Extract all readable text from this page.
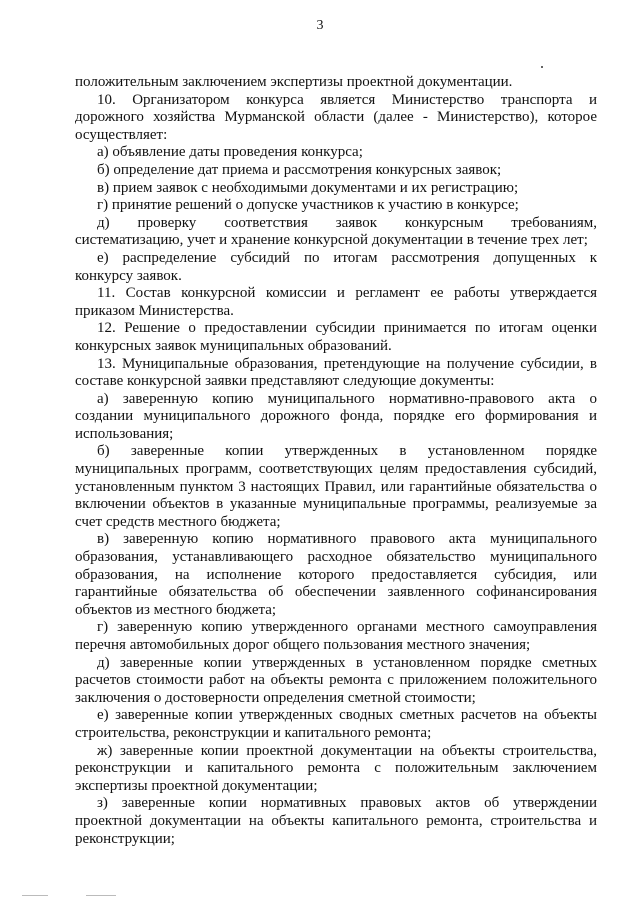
3
положительным заключением экспертизы проектной документации.
10. Организатором конкурса является Министерство транспорта и
дорожного хозяйства Мурманской области (далее - Министерство), которое
осуществляет:
а) объявление даты проведения конкурса;
б) определение дат приема и рассмотрения конкурсных заявок;
в) прием заявок с необходимыми документами и их регистрацию;
г) принятие решений о допуске участников к участию в конкурсе;
д) проверку соответствия заявок конкурсным требованиям,
систематизацию, учет и хранение конкурсной документации в течение трех лет;
е) распределение субсидий по итогам рассмотрения допущенных к
конкурсу заявок.
11. Состав конкурсной комиссии и регламент ее работы утверждается
приказом Министерства.
12. Решение о предоставлении субсидии принимается по итогам оценки
конкурсных заявок муниципальных образований.
13. Муниципальные образования, претендующие на получение субсидии, в
составе конкурсной заявки представляют следующие документы:
а) заверенную копию муниципального нормативно-правового акта о
создании муниципального дорожного фонда, порядке его формирования и
использования;
б) заверенные копии утвержденных в установленном порядке
муниципальных программ, соответствующих целям предоставления субсидий,
установленным пунктом 3 настоящих Правил, или гарантийные обязательства о
включении объектов в указанные муниципальные программы, реализуемые за
счет средств местного бюджета;
в) заверенную копию нормативного правового акта муниципального
образования, устанавливающего расходное обязательство муниципального
образования, на исполнение которого предоставляется субсидия, или
гарантийные обязательства об обеспечении заявленного софинансирования
объектов из местного бюджета;
г) заверенную копию утвержденного органами местного самоуправления
перечня автомобильных дорог общего пользования местного значения;
д) заверенные копии утвержденных в установленном порядке сметных
расчетов стоимости работ на объекты ремонта с приложением положительного
заключения о достоверности определения сметной стоимости;
е) заверенные копии утвержденных сводных сметных расчетов на объекты
строительства, реконструкции и капитального ремонта;
ж) заверенные копии проектной документации на объекты строительства,
реконструкции и капитального ремонта с положительным заключением
экспертизы проектной документации;
з) заверенные копии нормативных правовых актов об утверждении
проектной документации на объекты капитального ремонта, строительства и
реконструкции;
